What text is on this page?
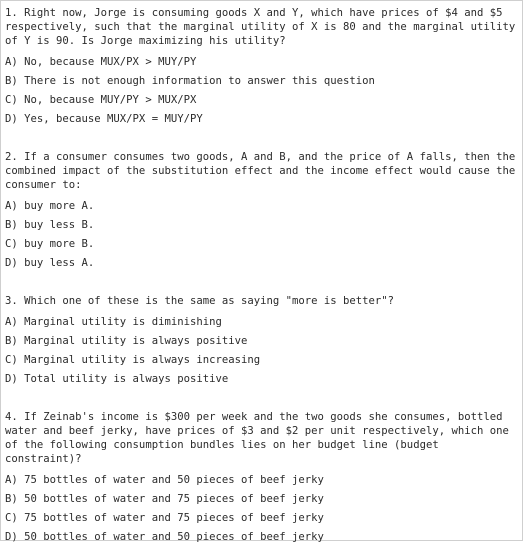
1. Right now, Jorge is consuming goods X and Y, which have prices of $4 and $5 respectively, such that the marginal utility of X is 80 and the marginal utility of Y is 90. Is Jorge maximizing his utility?

A) No, because MUX/PX > MUY/PY
B) There is not enough information to answer this question
C) No, because MUY/PY > MUX/PX
D) Yes, because MUX/PX = MUY/PY

2. If a consumer consumes two goods, A and B, and the price of A falls, then the combined impact of the substitution effect and the income effect would cause the consumer to:

A) buy more A.
B) buy less B.
C) buy more B.
D) buy less A.

3. Which one of these is the same as saying "more is better"?

A) Marginal utility is diminishing
B) Marginal utility is always positive
C) Marginal utility is always increasing
D) Total utility is always positive

4. If Zeinab's income is $300 per week and the two goods she consumes, bottled water and beef jerky, have prices of $3 and $2 per unit respectively, which one of the following consumption bundles lies on her budget line (budget constraint)?

A) 75 bottles of water and 50 pieces of beef jerky
B) 50 bottles of water and 75 pieces of beef jerky
C) 75 bottles of water and 75 pieces of beef jerky
D) 50 bottles of water and 50 pieces of beef jerky
